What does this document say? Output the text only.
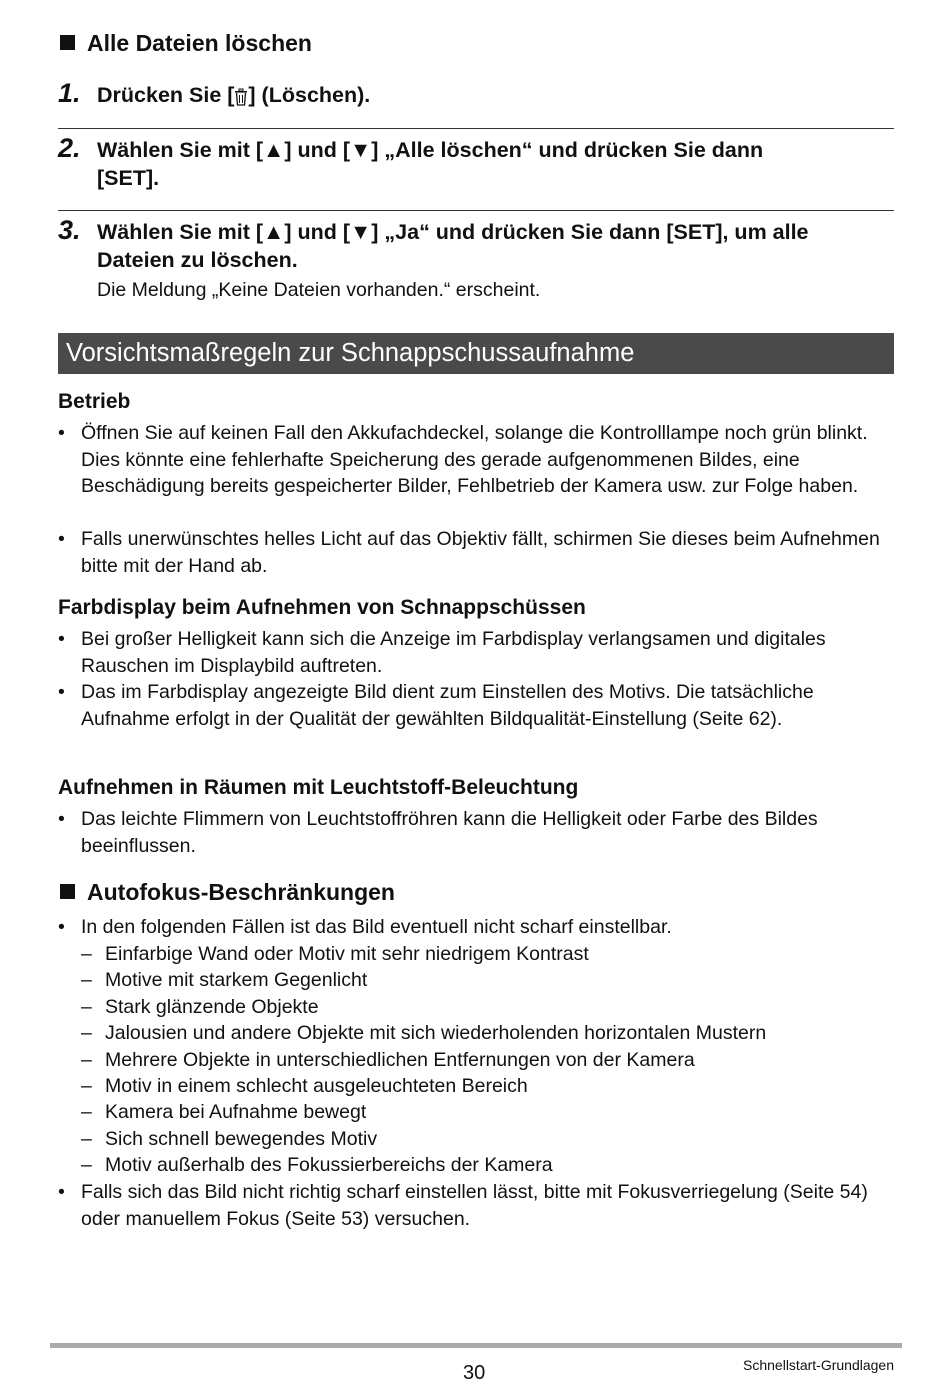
Alle Dateien löschen
1. Drücken Sie [ ] (Löschen).
2. Wählen Sie mit [▲] und [▼] „Alle löschen“ und drücken Sie dann
[SET].
3. Wählen Sie mit [▲] und [▼] „Ja“ und drücken Sie dann [SET], um alle
Dateien zu löschen.
Die Meldung „Keine Dateien vorhanden.“ erscheint.
Vorsichtsmaßregeln zur Schnappschussaufnahme
Betrieb
• Öffnen Sie auf keinen Fall den Akkufachdeckel, solange die Kontrolllampe noch grün blinkt. Dies könnte eine fehlerhafte Speicherung des gerade aufgenommenen Bildes, eine Beschädigung bereits gespeicherter Bilder, Fehlbetrieb der Kamera usw. zur Folge haben.
• Falls unerwünschtes helles Licht auf das Objektiv fällt, schirmen Sie dieses beim Aufnehmen bitte mit der Hand ab.
Farbdisplay beim Aufnehmen von Schnappschüssen
• Bei großer Helligkeit kann sich die Anzeige im Farbdisplay verlangsamen und digitales Rauschen im Displaybild auftreten.
• Das im Farbdisplay angezeigte Bild dient zum Einstellen des Motivs. Die tatsächliche Aufnahme erfolgt in der Qualität der gewählten Bildqualität-Einstellung (Seite 62).
Aufnehmen in Räumen mit Leuchtstoff-Beleuchtung
• Das leichte Flimmern von Leuchtstoffröhren kann die Helligkeit oder Farbe des Bildes beeinflussen.
Autofokus-Beschränkungen
• In den folgenden Fällen ist das Bild eventuell nicht scharf einstellbar.
– Einfarbige Wand oder Motiv mit sehr niedrigem Kontrast
– Motive mit starkem Gegenlicht
– Stark glänzende Objekte
– Jalousien und andere Objekte mit sich wiederholenden horizontalen Mustern
– Mehrere Objekte in unterschiedlichen Entfernungen von der Kamera
– Motiv in einem schlecht ausgeleuchteten Bereich
– Kamera bei Aufnahme bewegt
– Sich schnell bewegendes Motiv
– Motiv außerhalb des Fokussierbereichs der Kamera
• Falls sich das Bild nicht richtig scharf einstellen lässt, bitte mit Fokusverriegelung (Seite 54) oder manuellem Fokus (Seite 53) versuchen.
30	Schnellstart-Grundlagen
